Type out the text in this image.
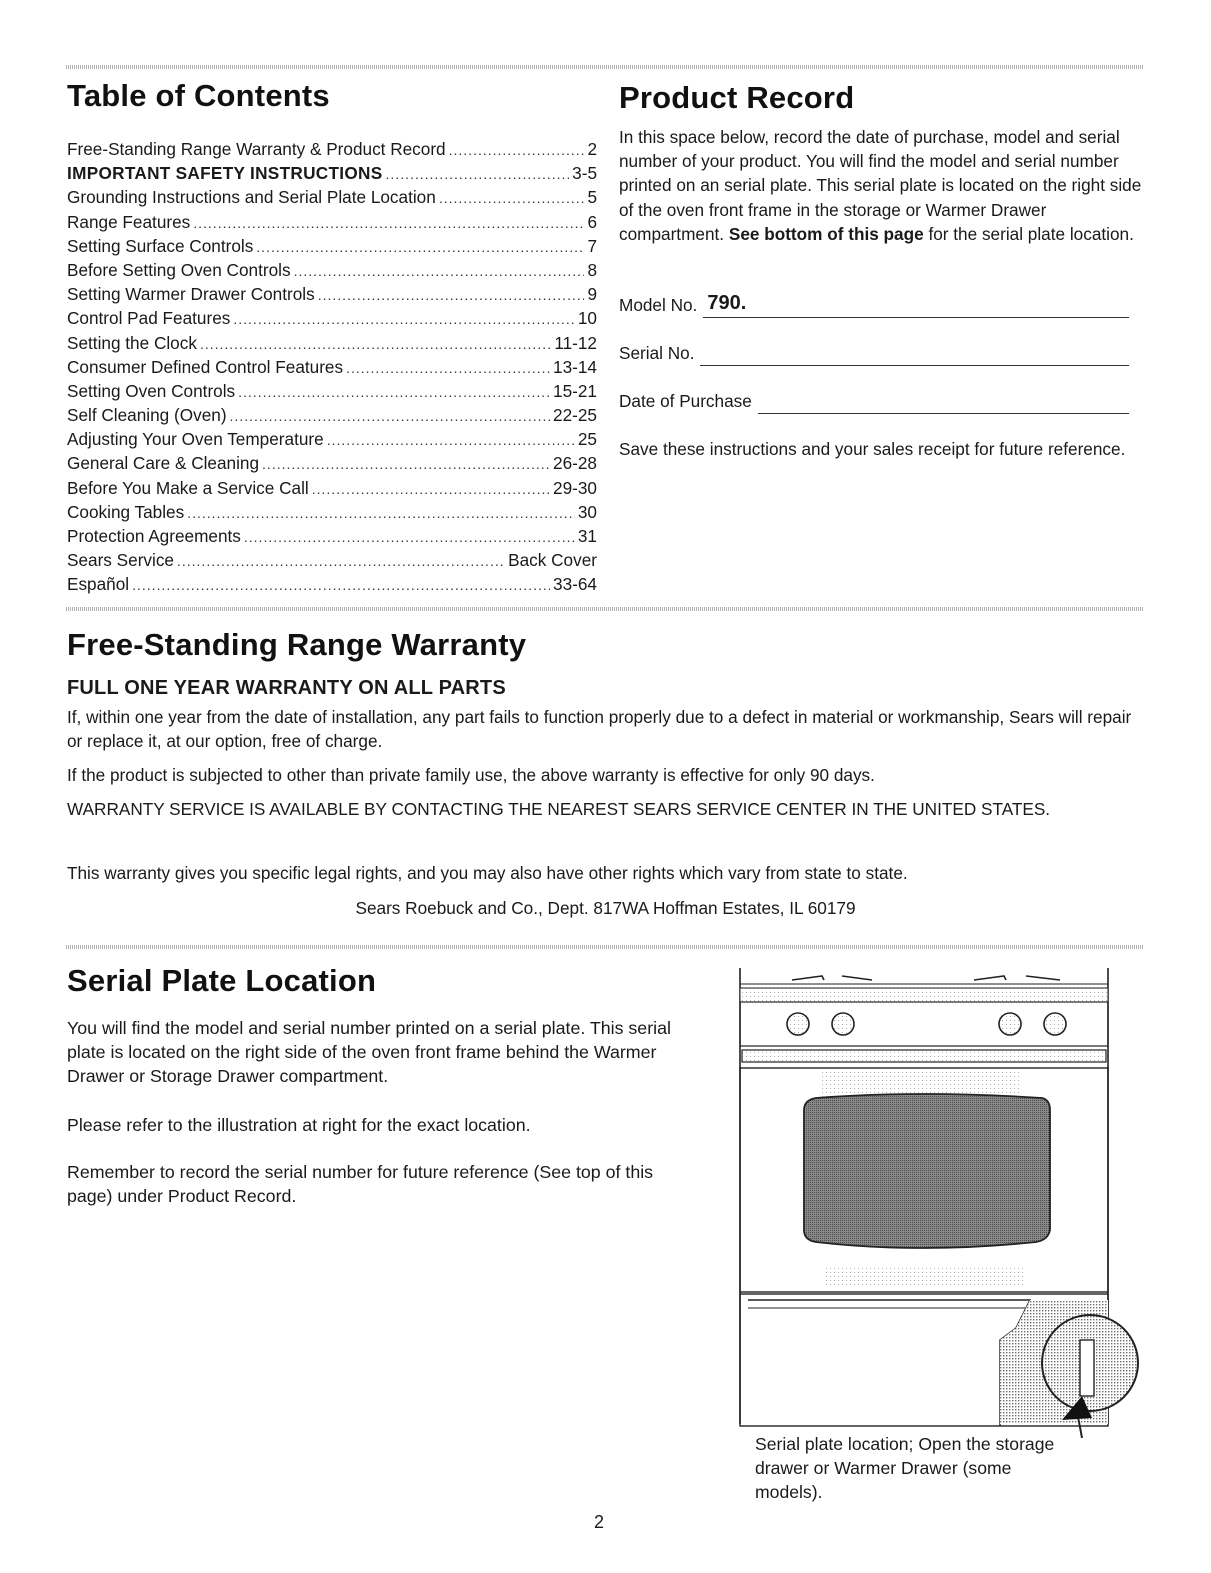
Table of Contents
Free-Standing Range Warranty & Product Record .....	2
IMPORTANT SAFETY INSTRUCTIONS .....	3-5
Grounding Instructions and Serial Plate Location .....	5
Range Features .....	6
Setting Surface Controls .....	7
Before Setting Oven Controls .....	8
Setting Warmer Drawer Controls .....	9
Control Pad Features .....	10
Setting the Clock .....	11-12
Consumer Defined Control Features .....	13-14
Setting Oven Controls .....	15-21
Self Cleaning (Oven) .....	22-25
Adjusting Your Oven Temperature .....	25
General Care & Cleaning .....	26-28
Before You Make a Service Call .....	29-30
Cooking Tables .....	30
Protection Agreements .....	31
Sears Service .....	Back Cover
Español .....	33-64
Product Record
In this space below, record the date of purchase, model and serial number of your product. You will find the model and serial number printed on an serial plate. This serial plate is located on the right side of the oven front frame in the storage or Warmer Drawer compartment. See bottom of this page for the serial plate location.
Model No. 790.
Serial No.
Date of Purchase
Save these instructions and your sales receipt for future reference.
Free-Standing Range Warranty
FULL ONE YEAR WARRANTY ON ALL PARTS
If, within one year from the date of installation, any part fails to function properly due to a defect in material or workmanship, Sears will repair or replace it, at our option, free of charge.
If the product is subjected to other than private family use, the above warranty is effective for only 90 days.
WARRANTY SERVICE IS AVAILABLE BY CONTACTING THE NEAREST SEARS SERVICE CENTER IN THE UNITED STATES.
This warranty gives you specific legal rights, and you may also have other rights which vary from state to state.
Sears Roebuck and Co., Dept. 817WA Hoffman Estates, IL 60179
Serial Plate Location
You will find the model and serial number printed on a serial plate. This serial plate is located on the right side of the oven front frame behind the Warmer Drawer or Storage Drawer compartment.
Please refer to the illustration at right for the exact location.
Remember to record the serial number for future reference (See top of this page) under Product Record.
Serial plate location; Open the storage drawer or Warmer Drawer (some models).
2
